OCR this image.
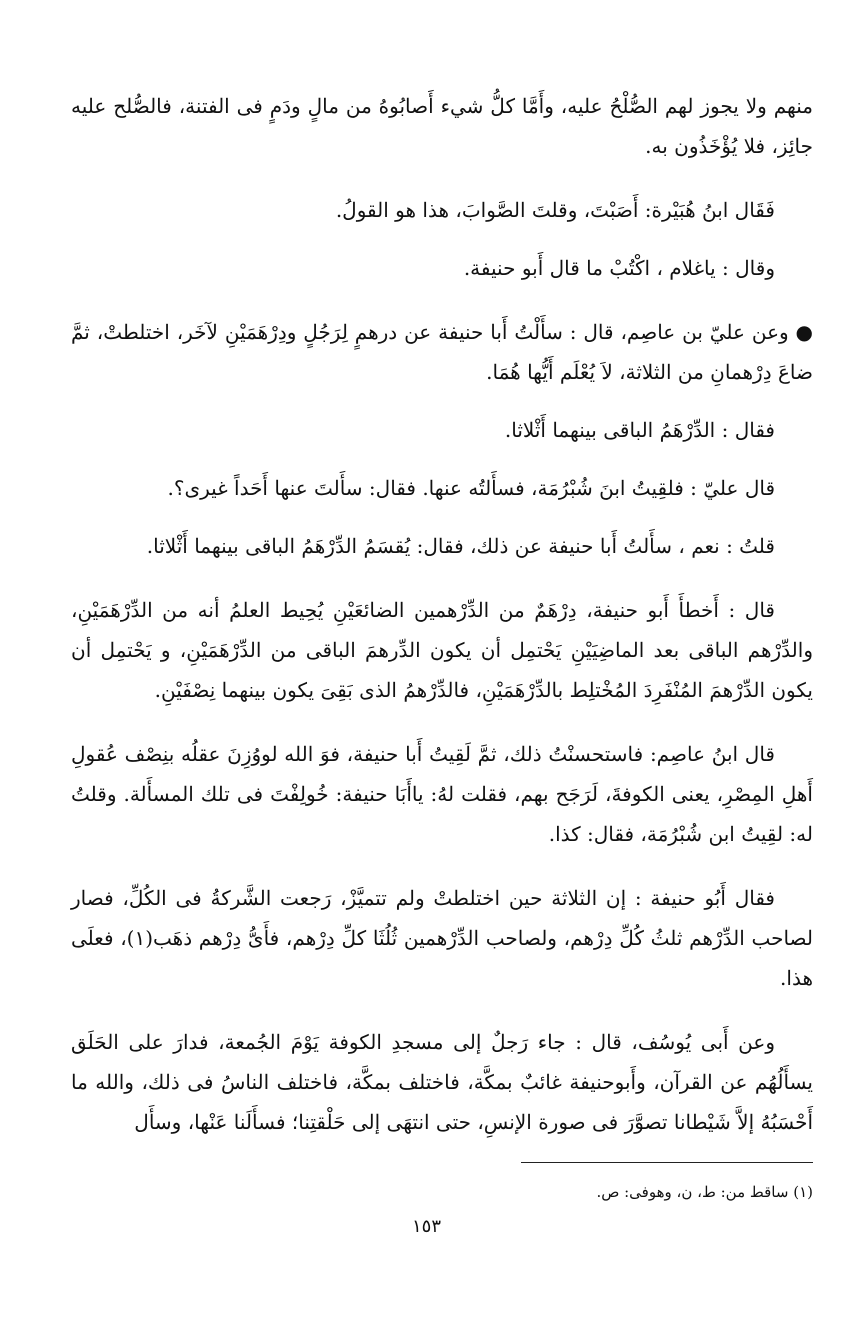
منهم ولا يجوز لهم الصُّلْحُ عليه، وأَمَّا كلُّ شيء أَصابُوهُ من مالٍ ودَمٍ فى الفتنة، فالصُّلح عليه جائِز، فلا يُؤْخَذُون به.

فَقَال ابنُ هُبَيْرة: أَصَبْتَ، وقلتَ الصَّوابَ، هذا هو القولُ.

وقال : ياغلام ، اكْتُبْ ما قال أَبو حنيفة.

● وعن عليّ بن عاصِم، قال : سأَلْتُ أَبا حنيفة عن درهمٍ لِرَجُلٍ ودِرْهَمَيْنِ لآخَر، اختلطتْ، ثمَّ ضاعَ دِرْهمانِ من الثلاثة، لاَ يُعْلَم أَيُّها هُمَا.

فقال : الدِّرْهَمُ الباقى بينهما أَثْلاثا.

قال عليّ : فلقِيتُ ابنَ شُبْرُمَة، فسأَلتُه عنها. فقال: سأَلتَ عنها أَحَداً غيرى؟.

قلتُ : نعم ، سأَلتُ أَبا حنيفة عن ذلك، فقال: يُقسَمُ الدِّرْهَمُ الباقى بينهما أَثْلاثا.

قال : أَخطأَ أَبو حنيفة، دِرْهَمٌ من الدِّرْهمين الضائعَيْنِ يُحِيط العلمُ أنه من الدِّرْهَمَيْنِ، والدِّرْهم الباقى بعد الماضِيَيْنِ يَحْتمِل أن يكون الدِّرهمَ الباقى من الدِّرْهَمَيْنِ، و يَحْتمِل أن يكون الدِّرْهمَ المُنْفَرِدَ المُخْتلِط بالدِّرْهَمَيْنِ، فالدِّرْهمُ الذى بَقِىَ يكون بينهما نِصْفَيْنِ.

قال ابنُ عاصِم: فاستحسنْتُ ذلك، ثمَّ لَقِيتُ أَبا حنيفة، فوَ الله لووُزِنَ عقلُه بنِصْف عُقولِ أَهلِ المِصْرِ، يعنى الكوفةَ، لَرَجَح بهم، فقلت لهُ: ياأَبَا حنيفة: خُولِفْتَ فى تلك المسأَلة. وقلتُ له: لقِيتُ ابن شُبْرُمَة، فقال: كذا.

فقال أَبُو حنيفة : إن الثلاثة حين اختلطتْ ولم تتميَّزْ، رَجعت الشَّركةُ فى الكُلِّ، فصار لصاحب الدِّرْهم ثلثُ كُلِّ دِرْهم، ولصاحب الدِّرْهمين ثُلُثَا كلِّ دِرْهم، فأَىُّ دِرْهم ذهَب(١)، فعلَى هذا.

وعن أَبى يُوسُف، قال : جاء رَجلٌ إلى مسجدِ الكوفة يَوْمَ الجُمعة، فدارَ على الحَلَق يسأَلُهُم عن القرآن، وأَبوحنيفة غائبٌ بمكَّة، فاختلف بمكَّة، فاختلف الناسُ فى ذلك، والله ما أَحْسَبُهُ إلاَّ شَيْطانا تصوَّرَ فى صورة الإنسِ، حتى انتهَى إلى حَلْقتِنا؛ فسأَلَنا عَنْها، وسأَل

(١) ساقط من: ط، ن، وهوفى: ص.
١٥٣
